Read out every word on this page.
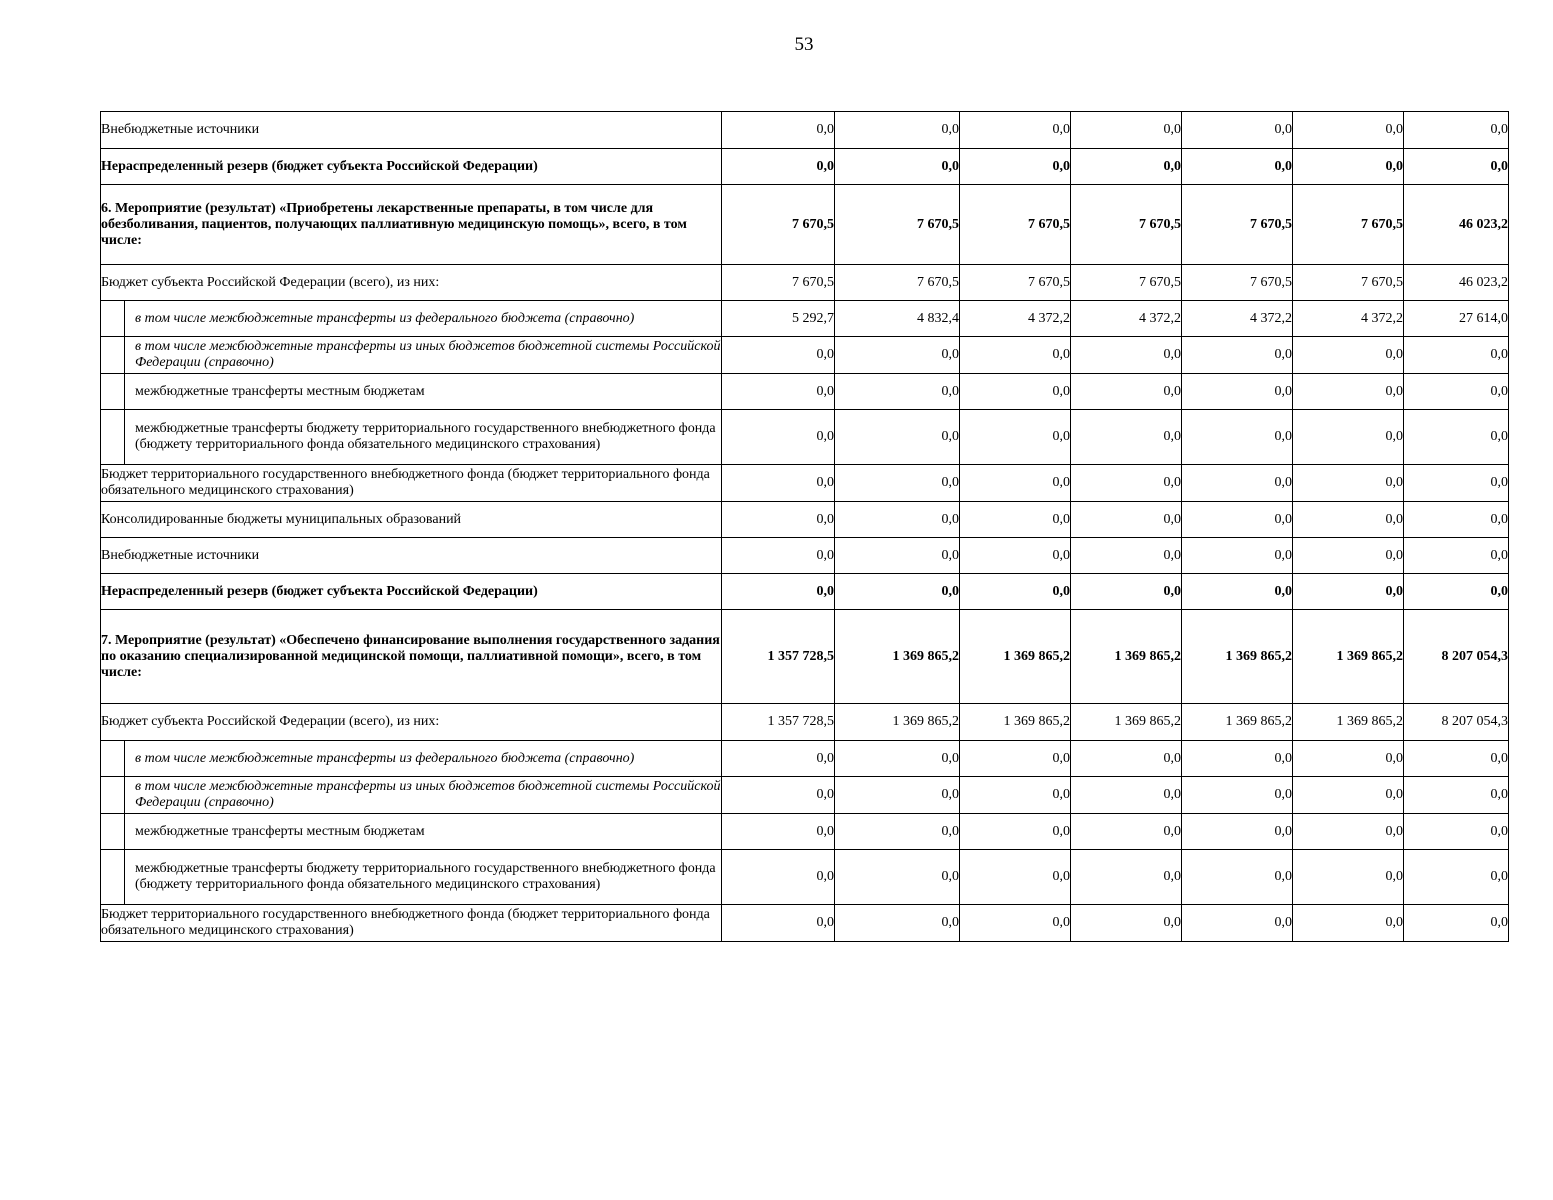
53
Внебюджетные источники		0,0	0,0	0,0	0,0	0,0	0,0	0,0
Нераспределенный резерв (бюджет субъекта Российской Федерации)		0,0	0,0	0,0	0,0	0,0	0,0	0,0
6. Мероприятие (результат) «Приобретены лекарственные препараты, в том числе для обезболивания, пациентов, получающих паллиативную медицинскую помощь», всего, в том числе:		7 670,5	7 670,5	7 670,5	7 670,5	7 670,5	7 670,5	46 023,2
Бюджет субъекта Российской Федерации (всего), из них:		7 670,5	7 670,5	7 670,5	7 670,5	7 670,5	7 670,5	46 023,2
	в том числе межбюджетные трансферты из федерального бюджета (справочно)	5 292,7	4 832,4	4 372,2	4 372,2	4 372,2	4 372,2	27 614,0
	в том числе межбюджетные трансферты из иных бюджетов бюджетной системы Российской Федерации (справочно)	0,0	0,0	0,0	0,0	0,0	0,0	0,0
	межбюджетные трансферты местным бюджетам	0,0	0,0	0,0	0,0	0,0	0,0	0,0
	межбюджетные трансферты бюджету территориального государственного внебюджетного фонда (бюджету территориального фонда обязательного медицинского страхования)	0,0	0,0	0,0	0,0	0,0	0,0	0,0
Бюджет территориального государственного внебюджетного фонда (бюджет территориального фонда обязательного медицинского страхования)		0,0	0,0	0,0	0,0	0,0	0,0	0,0
Консолидированные бюджеты муниципальных образований		0,0	0,0	0,0	0,0	0,0	0,0	0,0
Внебюджетные источники		0,0	0,0	0,0	0,0	0,0	0,0	0,0
Нераспределенный резерв (бюджет субъекта Российской Федерации)		0,0	0,0	0,0	0,0	0,0	0,0	0,0
7. Мероприятие (результат) «Обеспечено финансирование выполнения государственного задания по оказанию специализированной медицинской помощи, паллиативной помощи», всего, в том числе:		1 357 728,5	1 369 865,2	1 369 865,2	1 369 865,2	1 369 865,2	1 369 865,2	8 207 054,3
Бюджет субъекта Российской Федерации (всего), из них:		1 357 728,5	1 369 865,2	1 369 865,2	1 369 865,2	1 369 865,2	1 369 865,2	8 207 054,3
	в том числе межбюджетные трансферты из федерального бюджета (справочно)	0,0	0,0	0,0	0,0	0,0	0,0	0,0
	в том числе межбюджетные трансферты из иных бюджетов бюджетной системы Российской Федерации (справочно)	0,0	0,0	0,0	0,0	0,0	0,0	0,0
	межбюджетные трансферты местным бюджетам	0,0	0,0	0,0	0,0	0,0	0,0	0,0
	межбюджетные трансферты бюджету территориального государственного внебюджетного фонда (бюджету территориального фонда обязательного медицинского страхования)	0,0	0,0	0,0	0,0	0,0	0,0	0,0
Бюджет территориального государственного внебюджетного фонда (бюджет территориального фонда обязательного медицинского страхования)		0,0	0,0	0,0	0,0	0,0	0,0	0,0
